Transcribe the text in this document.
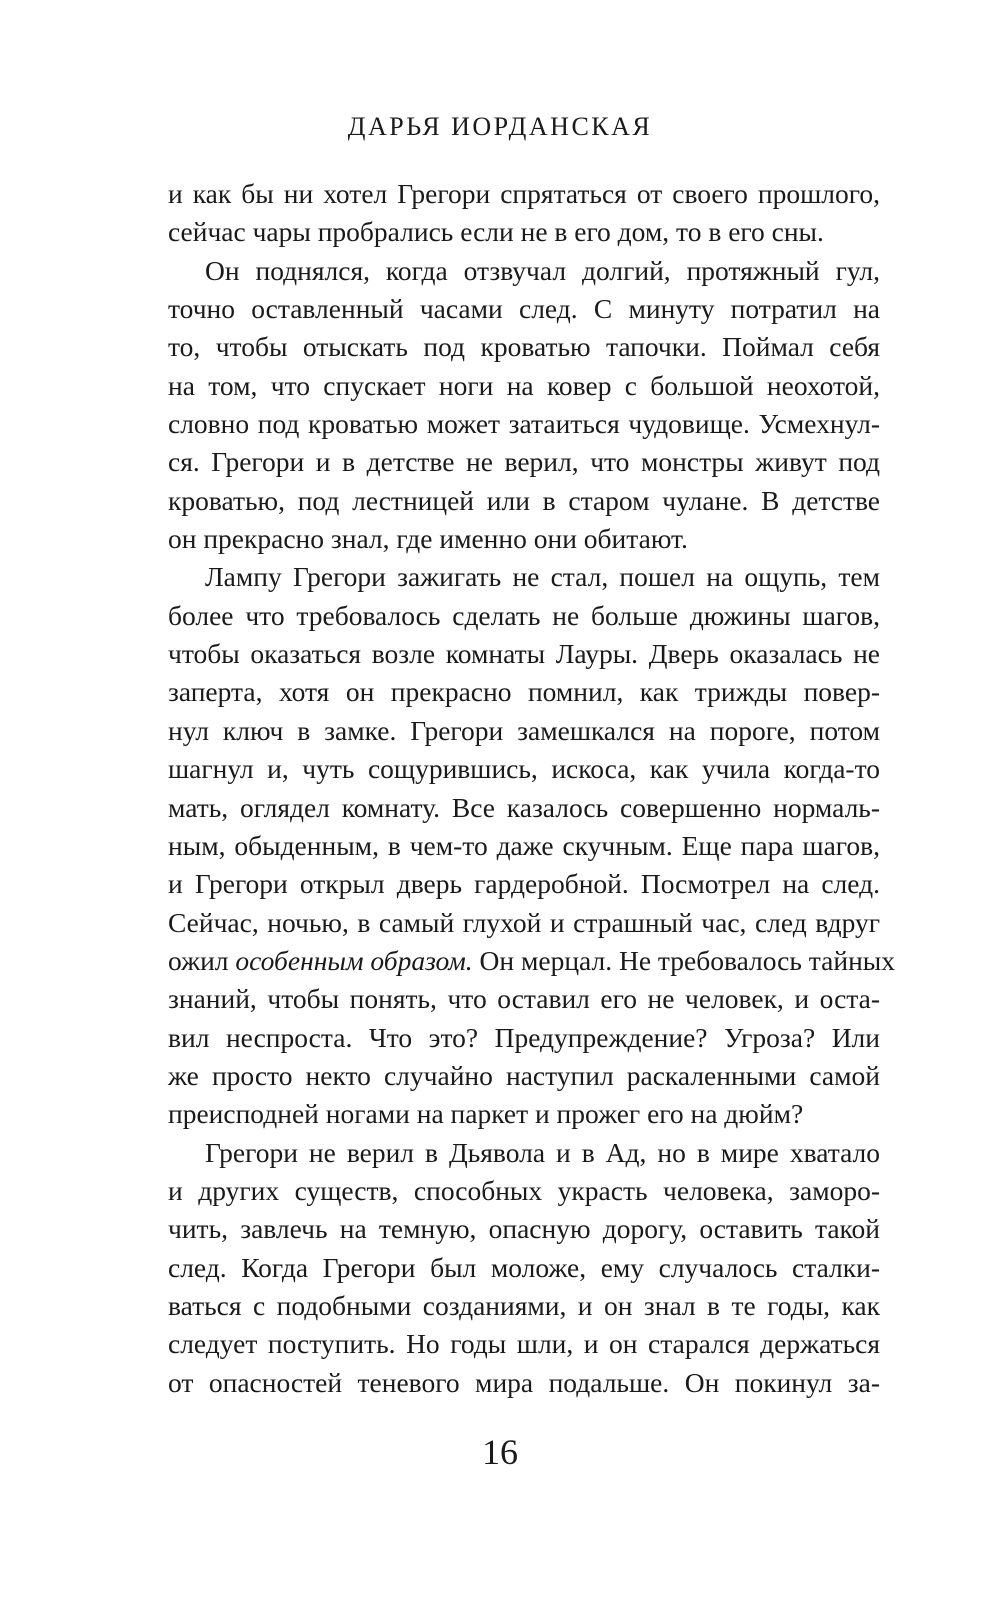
ДАРЬЯ ИОРДАНСКАЯ
и как бы ни хотел Грегори спрятаться от своего прошлого,
сейчас чары пробрались если не в его дом, то в его сны.
Он поднялся, когда отзвучал долгий, протяжный гул,
точно оставленный часами след. С минуту потратил на
то, чтобы отыскать под кроватью тапочки. Поймал себя
на том, что спускает ноги на ковер с большой неохотой,
словно под кроватью может затаиться чудовище. Усмехнул-
ся. Грегори и в детстве не верил, что монстры живут под
кроватью, под лестницей или в старом чулане. В детстве
он прекрасно знал, где именно они обитают.
Лампу Грегори зажигать не стал, пошел на ощупь, тем
более что требовалось сделать не больше дюжины шагов,
чтобы оказаться возле комнаты Лауры. Дверь оказалась не
заперта, хотя он прекрасно помнил, как трижды повер-
нул ключ в замке. Грегори замешкался на пороге, потом
шагнул и, чуть сощурившись, искоса, как учила когда-то
мать, оглядел комнату. Все казалось совершенно нормаль-
ным, обыденным, в чем-то даже скучным. Еще пара шагов,
и Грегори открыл дверь гардеробной. Посмотрел на след.
Сейчас, ночью, в самый глухой и страшный час, след вдруг
ожил особенным образом. Он мерцал. Не требовалось тайных
знаний, чтобы понять, что оставил его не человек, и оста-
вил неспроста. Что это? Предупреждение? Угроза? Или
же просто некто случайно наступил раскаленными самой
преисподней ногами на паркет и прожег его на дюйм?
Грегори не верил в Дьявола и в Ад, но в мире хватало
и других существ, способных украсть человека, заморо-
чить, завлечь на темную, опасную дорогу, оставить такой
след. Когда Грегори был моложе, ему случалось сталки-
ваться с подобными созданиями, и он знал в те годы, как
следует поступить. Но годы шли, и он старался держаться
от опасностей теневого мира подальше. Он покинул за-
16
